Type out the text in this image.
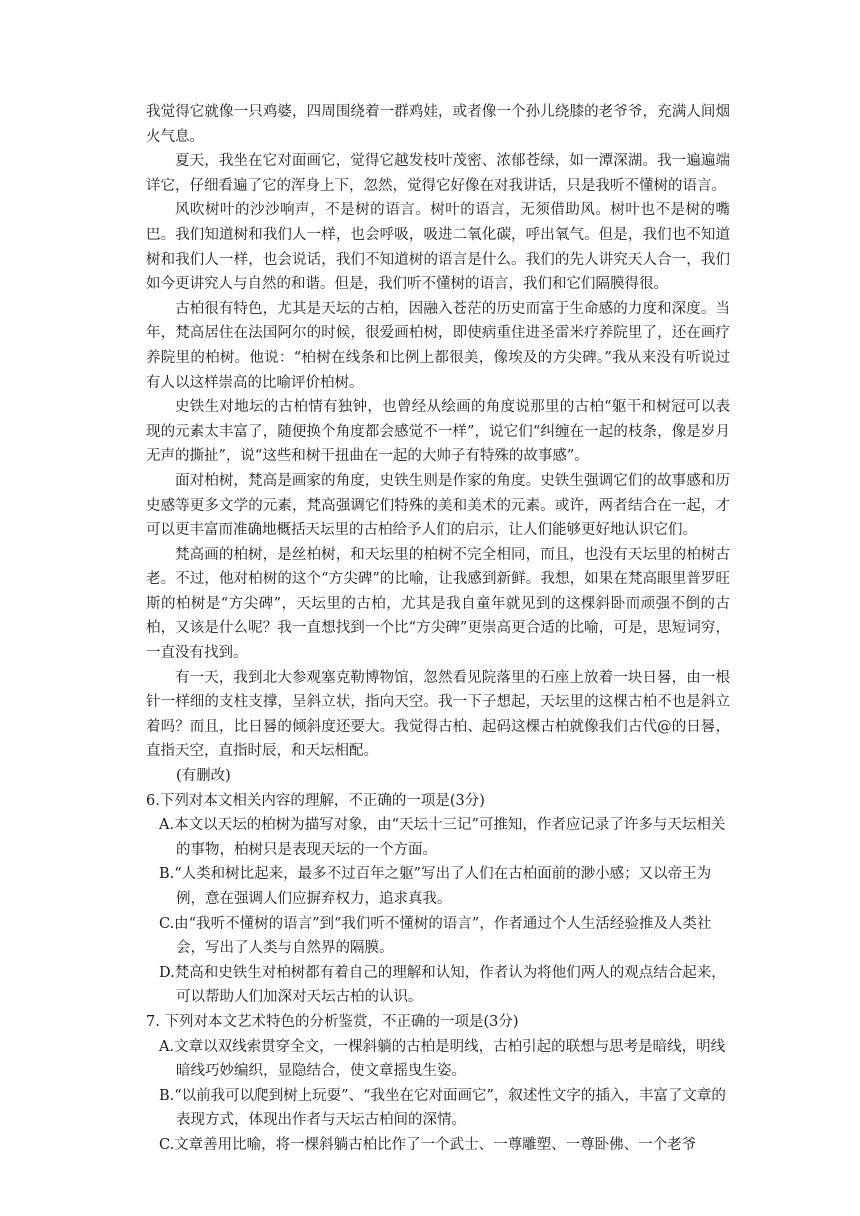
我觉得它就像一只鸡婆，四周围绕着一群鸡娃，或者像一个孙儿绕膝的老爷爷，充满人间烟火气息。

夏天，我坐在它对面画它，觉得它越发枝叶茂密、浓郁苍绿，如一潭深湖。我一遍遍端详它，仔细看遍了它的浑身上下，忽然，觉得它好像在对我讲话，只是我听不懂树的语言。

风吹树叶的沙沙响声，不是树的语言。树叶的语言，无须借助风。树叶也不是树的嘴巴。我们知道树和我们人一样，也会呼吸，吸进二氧化碳，呼出氧气。但是，我们也不知道树和我们人一样，也会说话，我们不知道树的语言是什么。我们的先人讲究天人合一，我们如今更讲究人与自然的和谐。但是，我们听不懂树的语言，我们和它们隔膜得很。

古柏很有特色，尤其是天坛的古柏，因融入苍茫的历史而富于生命感的力度和深度。当年，梵高居住在法国阿尔的时候，很爱画柏树，即使病重住进圣雷米疗养院里了，还在画疗养院里的柏树。他说：“柏树在线条和比例上都很美，像埃及的方尖碑。”我从来没有听说过有人以这样崇高的比喻评价柏树。

史铁生对地坛的古柏情有独钟，也曾经从绘画的角度说那里的古柏“躯干和树冠可以表现的元素太丰富了，随便换个角度都会感觉不一样”，说它们“纠缠在一起的枝条，像是岁月无声的撕扯”，说“这些和树干扭曲在一起的大帅子有特殊的故事感”。

面对柏树，梵高是画家的角度，史铁生则是作家的角度。史铁生强调它们的故事感和历史感等更多文学的元素，梵高强调它们特殊的美和美术的元素。或许，两者结合在一起，才可以更丰富而准确地概括天坛里的古柏给予人们的启示，让人们能够更好地认识它们。

梵高画的柏树，是丝柏树，和天坛里的柏树不完全相同，而且，也没有天坛里的柏树古老。不过，他对柏树的这个“方尖碑”的比喻，让我感到新鲜。我想，如果在梵高眼里普罗旺斯的柏树是“方尖碑”，天坛里的古柏，尤其是我自童年就见到的这棵斜卧而顽强不倒的古柏，又该是什么呢？我一直想找到一个比“方尖碑”更崇高更合适的比喻，可是，思短词穷，一直没有找到。

有一天，我到北大参观塞克勒博物馆，忽然看见院落里的石座上放着一块日晷，由一根针一样细的支柱支撑，呈斜立状，指向天空。我一下子想起，天坛里的这棵古柏不也是斜立着吗？而且，比日晷的倾斜度还要大。我觉得古柏、起码这棵古柏就像我们古代@的日晷，直指天空，直指时辰，和天坛相配。

(有删改)

6.下列对本文相关内容的理解，不正确的一项是(3分)

A.本文以天坛的柏树为描写对象，由“天坛十三记”可推知，作者应记录了许多与天坛相关的事物，柏树只是表现天坛的一个方面。

B.“人类和树比起来，最多不过百年之躯”写出了人们在古柏面前的渺小感；又以帝王为例，意在强调人们应摒弃权力，追求真我。

C.由“我听不懂树的语言”到“我们听不懂树的语言”，作者通过个人生活经验推及人类社会，写出了人类与自然界的隔膜。

D.梵高和史铁生对柏树都有着自己的理解和认知，作者认为将他们两人的观点结合起来，可以帮助人们加深对天坛古柏的认识。

7. 下列对本文艺术特色的分析鉴赏，不正确的一项是(3分)

A.文章以双线索贯穿全文，一棵斜躺的古柏是明线，古柏引起的联想与思考是暗线，明线暗线巧妙编织，显隐结合，使文章摇曳生姿。

B.“以前我可以爬到树上玩耍”、“我坐在它对面画它”，叙述性文字的插入，丰富了文章的表现方式，体现出作者与天坛古柏间的深情。

C.文章善用比喻，将一棵斜躺古柏比作了一个武士、一尊雕塑、一尊卧佛、一个老爷
